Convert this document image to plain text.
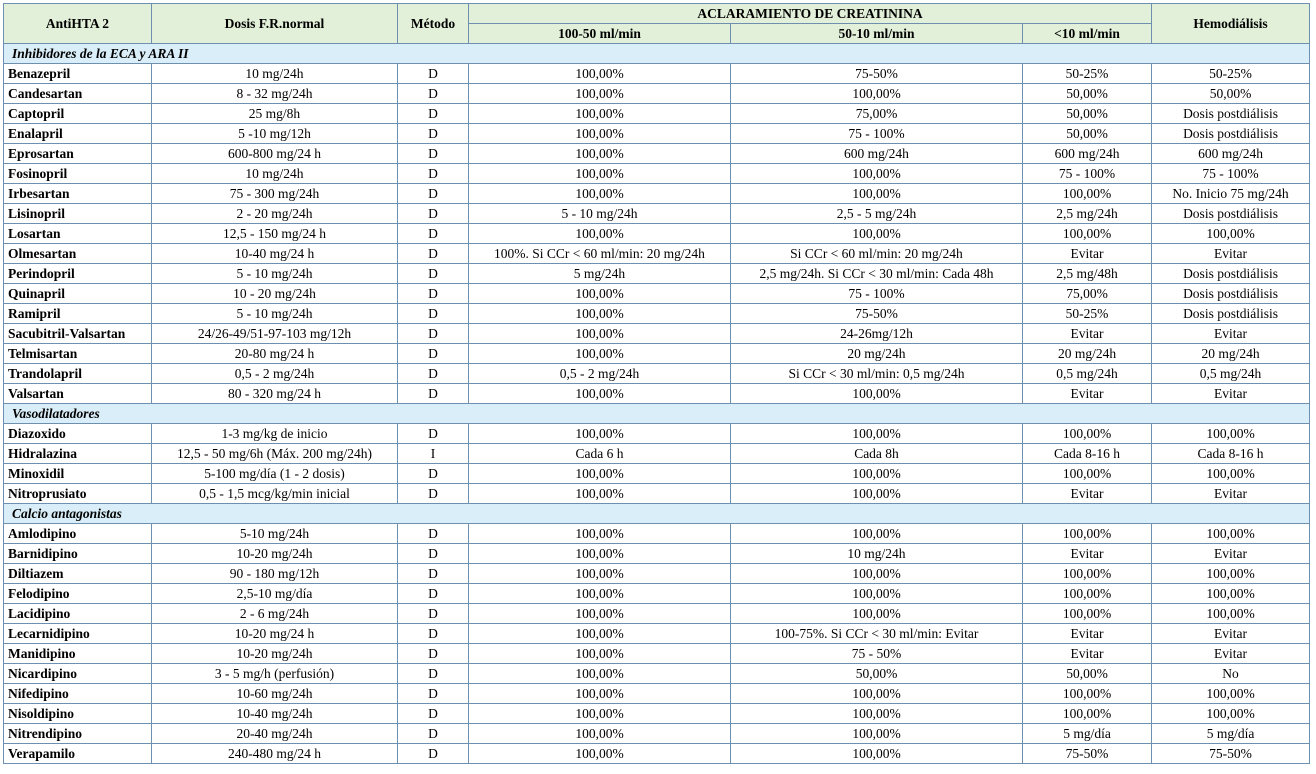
AntiHTA 2	Dosis F.R.normal	Método	ACLARAMIENTO DE CREATININA			Hemodiálisis
			100-50 ml/min	50-10 ml/min	<10 ml/min	
Inhibidores de la ECA y ARA II						
Benazepril	10 mg/24h	D	100,00%	75-50%	50-25%	50-25%
Candesartan	8 - 32 mg/24h	D	100,00%	100,00%	50,00%	50,00%
Captopril	25 mg/8h	D	100,00%	75,00%	50,00%	Dosis postdiálisis
Enalapril	5 -10 mg/12h	D	100,00%	75 - 100%	50,00%	Dosis postdiálisis
Eprosartan	600-800 mg/24 h	D	100,00%	600 mg/24h	600 mg/24h	600 mg/24h
Fosinopril	10 mg/24h	D	100,00%	100,00%	75 - 100%	75 - 100%
Irbesartan	75 - 300 mg/24h	D	100,00%	100,00%	100,00%	No. Inicio 75 mg/24h
Lisinopril	2 - 20 mg/24h	D	5 - 10 mg/24h	2,5 - 5 mg/24h	2,5 mg/24h	Dosis postdiálisis
Losartan	12,5 - 150 mg/24 h	D	100,00%	100,00%	100,00%	100,00%
Olmesartan	10-40 mg/24 h	D	100%. Si CCr < 60 ml/min: 20 mg/24h	Si CCr < 60 ml/min: 20 mg/24h	Evitar	Evitar
Perindopril	5 - 10 mg/24h	D	5 mg/24h	2,5 mg/24h. Si CCr < 30 ml/min: Cada 48h	2,5 mg/48h	Dosis postdiálisis
Quinapril	10 - 20 mg/24h	D	100,00%	75 - 100%	75,00%	Dosis postdiálisis
Ramipril	5 - 10 mg/24h	D	100,00%	75-50%	50-25%	Dosis postdiálisis
Sacubitril-Valsartan	24/26-49/51-97-103 mg/12h	D	100,00%	24-26mg/12h	Evitar	Evitar
Telmisartan	20-80 mg/24 h	D	100,00%	20 mg/24h	20 mg/24h	20 mg/24h
Trandolapril	0,5 - 2 mg/24h	D	0,5 - 2 mg/24h	Si CCr < 30 ml/min: 0,5 mg/24h	0,5 mg/24h	0,5 mg/24h
Valsartan	80 - 320 mg/24 h	D	100,00%	100,00%	Evitar	Evitar
Vasodilatadores						
Diazoxido	1-3 mg/kg de inicio	D	100,00%	100,00%	100,00%	100,00%
Hidralazina	12,5 - 50 mg/6h (Máx. 200 mg/24h)	I	Cada 6 h	Cada 8h	Cada 8-16 h	Cada 8-16 h
Minoxidil	5-100 mg/día (1 - 2 dosis)	D	100,00%	100,00%	100,00%	100,00%
Nitroprusiato	0,5 - 1,5 mcg/kg/min inicial	D	100,00%	100,00%	Evitar	Evitar
Calcio antagonistas						
Amlodipino	5-10 mg/24h	D	100,00%	100,00%	100,00%	100,00%
Barnidipino	10-20 mg/24h	D	100,00%	10 mg/24h	Evitar	Evitar
Diltiazem	90 - 180 mg/12h	D	100,00%	100,00%	100,00%	100,00%
Felodipino	2,5-10 mg/día	D	100,00%	100,00%	100,00%	100,00%
Lacidipino	2 - 6 mg/24h	D	100,00%	100,00%	100,00%	100,00%
Lecarnidipino	10-20 mg/24 h	D	100,00%	100-75%. Si CCr < 30 ml/min: Evitar	Evitar	Evitar
Manidipino	10-20 mg/24h	D	100,00%	75 - 50%	Evitar	Evitar
Nicardipino	3 - 5 mg/h (perfusión)	D	100,00%	50,00%	50,00%	No
Nifedipino	10-60 mg/24h	D	100,00%	100,00%	100,00%	100,00%
Nisoldipino	10-40 mg/24h	D	100,00%	100,00%	100,00%	100,00%
Nitrendipino	20-40 mg/24h	D	100,00%	100,00%	5 mg/día	5 mg/día
Verapamilo	240-480 mg/24 h	D	100,00%	100,00%	75-50%	75-50%
